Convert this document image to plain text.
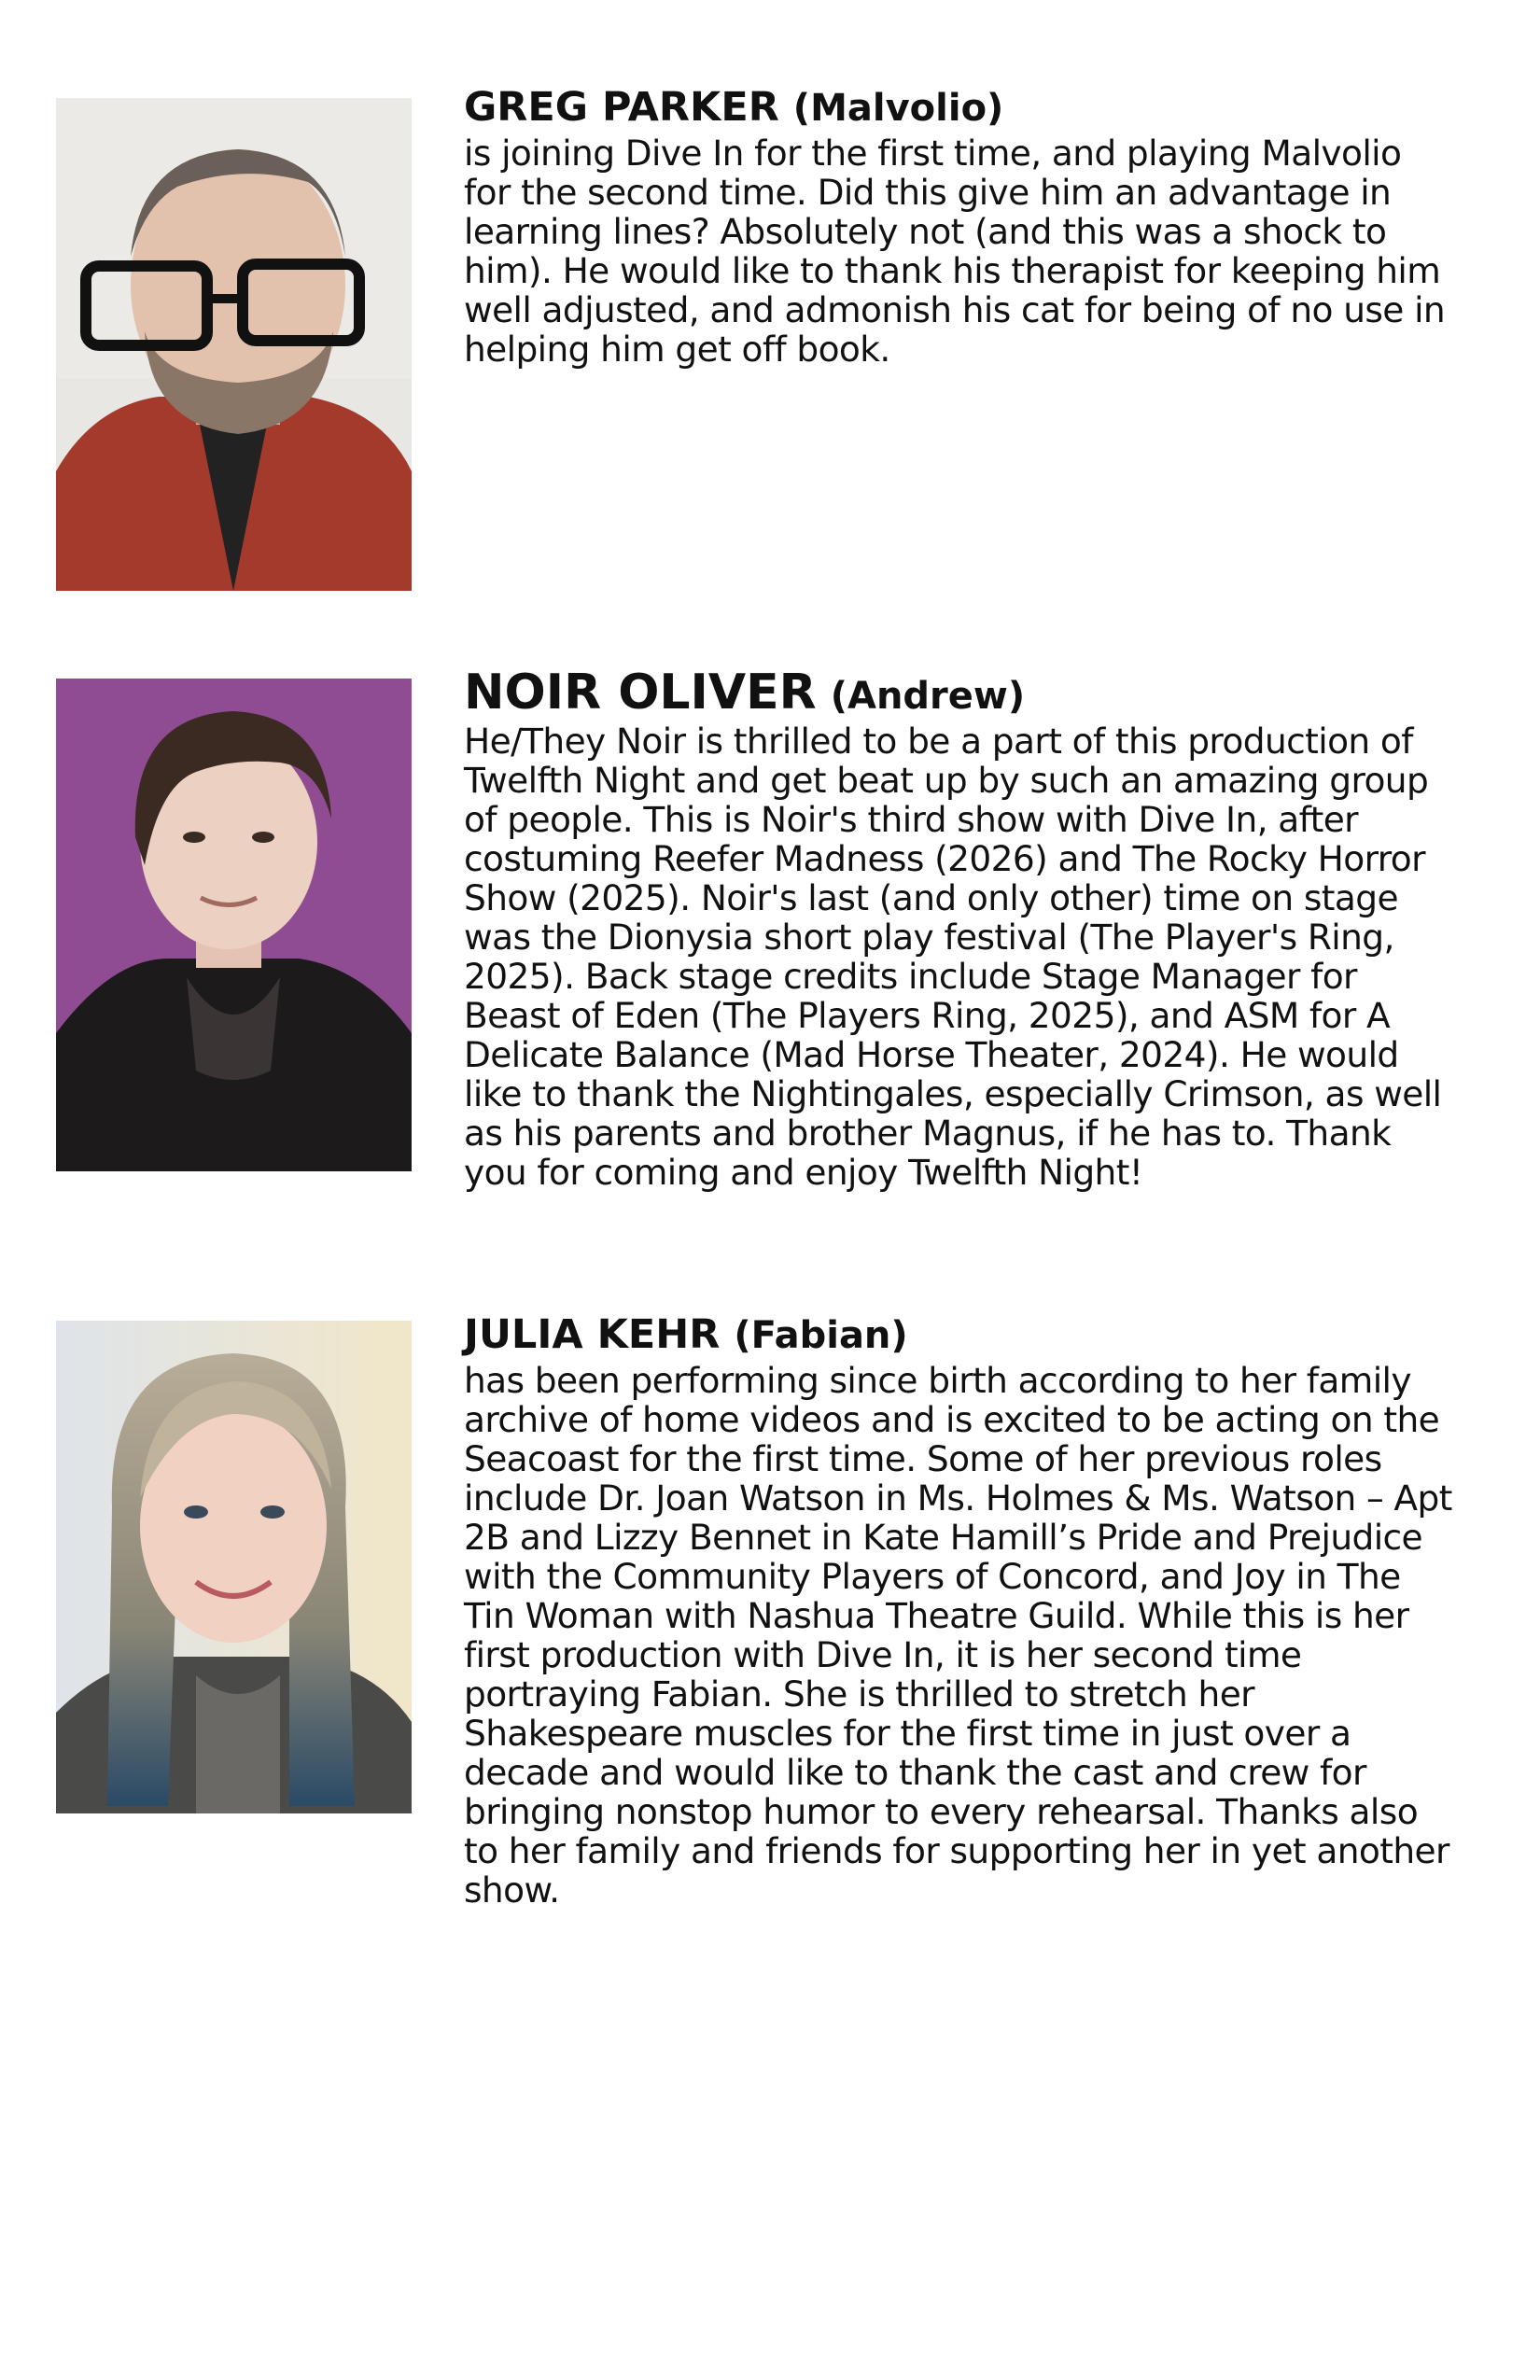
GREG PARKER (Malvolio)

is joining Dive In for the first time, and playing Malvolio for the second time. Did this give him an advantage in learning lines? Absolutely not (and this was a shock to him). He would like to thank his therapist for keeping him well adjusted, and admonish his cat for being of no use in helping him get off book.

NOIR OLIVER (Andrew)

He/They Noir is thrilled to be a part of this production of Twelfth Night and get beat up by such an amazing group of people. This is Noir's third show with Dive In, after costuming Reefer Madness (2026) and The Rocky Horror Show (2025). Noir's last (and only other) time on stage was the Dionysia short play festival (The Player's Ring, 2025). Back stage credits include Stage Manager for Beast of Eden (The Players Ring, 2025), and ASM for A Delicate Balance (Mad Horse Theater, 2024). He would like to thank the Nightingales, especially Crimson, as well as his parents and brother Magnus, if he has to. Thank you for coming and enjoy Twelfth Night!

JULIA KEHR (Fabian)

has been performing since birth according to her family archive of home videos and is excited to be acting on the Seacoast for the first time. Some of her previous roles include Dr. Joan Watson in Ms. Holmes & Ms. Watson – Apt 2B and Lizzy Bennet in Kate Hamill’s Pride and Prejudice with the Community Players of Concord, and Joy in The Tin Woman with Nashua Theatre Guild. While this is her first production with Dive In, it is her second time portraying Fabian. She is thrilled to stretch her Shakespeare muscles for the first time in just over a decade and would like to thank the cast and crew for bringing nonstop humor to every rehearsal. Thanks also to her family and friends for supporting her in yet another show.
